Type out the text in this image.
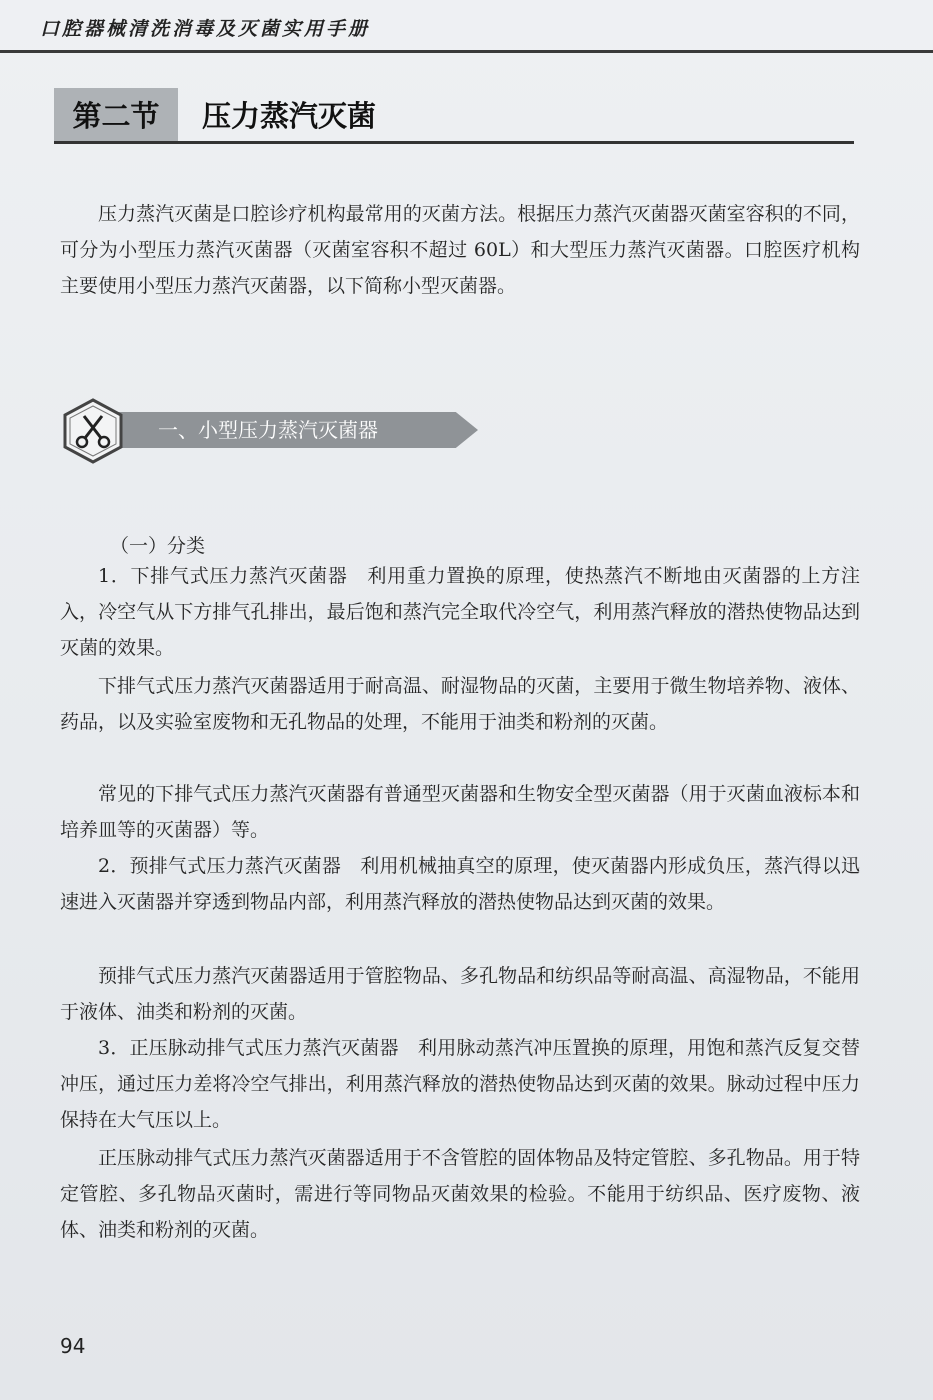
口腔器械清洗消毒及灭菌实用手册
第二节	压力蒸汽灭菌

压力蒸汽灭菌是口腔诊疗机构最常用的灭菌方法。根据压力蒸汽灭菌器灭菌室容积的不同，可分为小型压力蒸汽灭菌器（灭菌室容积不超过 60L）和大型压力蒸汽灭菌器。口腔医疗机构主要使用小型压力蒸汽灭菌器，以下简称小型灭菌器。

一、小型压力蒸汽灭菌器
（一）分类

1．下排气式压力蒸汽灭菌器　利用重力置换的原理，使热蒸汽不断地由灭菌器的上方注入，冷空气从下方排气孔排出，最后饱和蒸汽完全取代冷空气，利用蒸汽释放的潜热使物品达到灭菌的效果。

下排气式压力蒸汽灭菌器适用于耐高温、耐湿物品的灭菌，主要用于微生物培养物、液体、药品，以及实验室废物和无孔物品的处理，不能用于油类和粉剂的灭菌。

常见的下排气式压力蒸汽灭菌器有普通型灭菌器和生物安全型灭菌器（用于灭菌血液标本和培养皿等的灭菌器）等。

2．预排气式压力蒸汽灭菌器　利用机械抽真空的原理，使灭菌器内形成负压，蒸汽得以迅速进入灭菌器并穿透到物品内部，利用蒸汽释放的潜热使物品达到灭菌的效果。

预排气式压力蒸汽灭菌器适用于管腔物品、多孔物品和纺织品等耐高温、高湿物品，不能用于液体、油类和粉剂的灭菌。

3．正压脉动排气式压力蒸汽灭菌器　利用脉动蒸汽冲压置换的原理，用饱和蒸汽反复交替冲压，通过压力差将冷空气排出，利用蒸汽释放的潜热使物品达到灭菌的效果。脉动过程中压力保持在大气压以上。

正压脉动排气式压力蒸汽灭菌器适用于不含管腔的固体物品及特定管腔、多孔物品。用于特定管腔、多孔物品灭菌时，需进行等同物品灭菌效果的检验。不能用于纺织品、医疗废物、液体、油类和粉剂的灭菌。

94
